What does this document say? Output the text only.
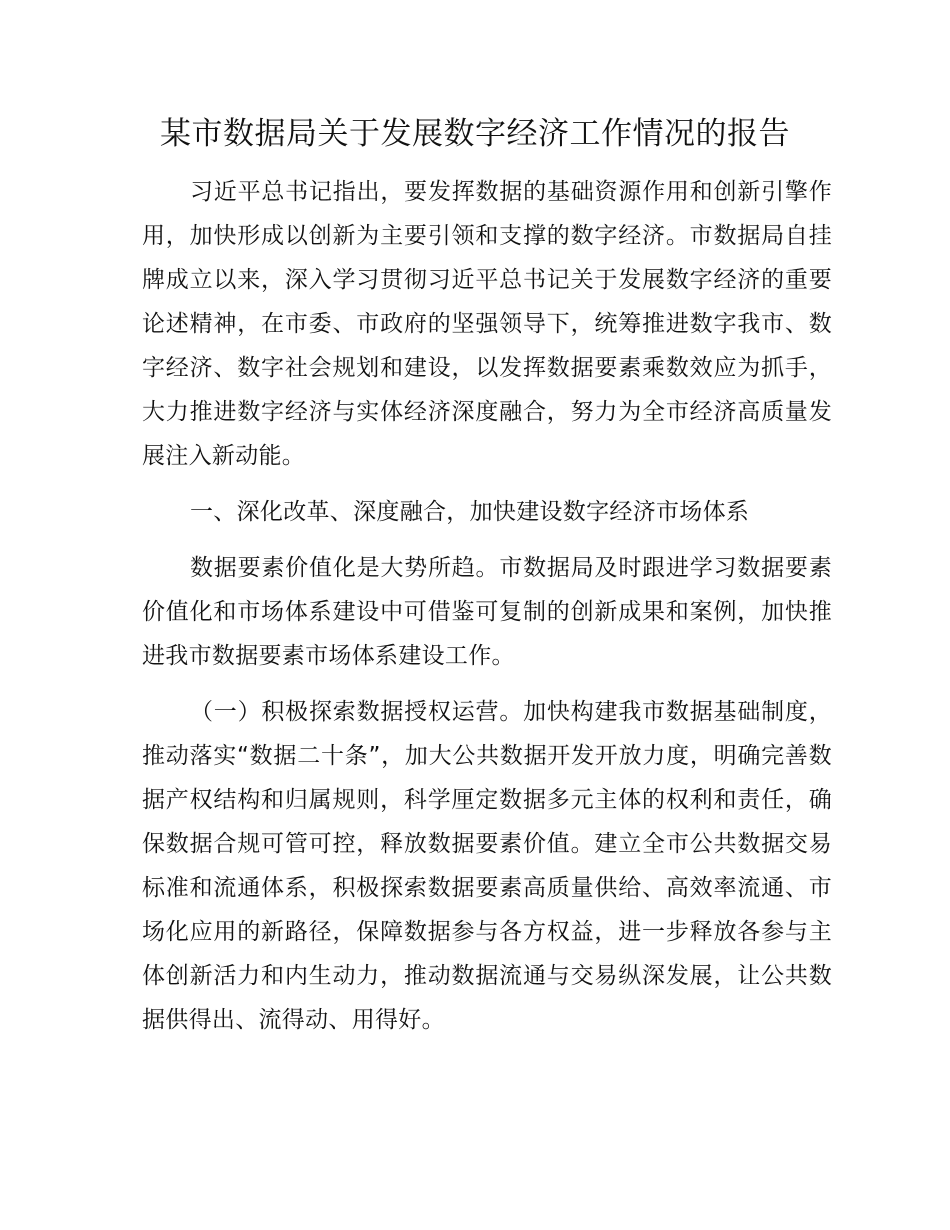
某市数据局关于发展数字经济工作情况的报告

习近平总书记指出，要发挥数据的基础资源作用和创新引擎作用，加快形成以创新为主要引领和支撑的数字经济。市数据局自挂牌成立以来，深入学习贯彻习近平总书记关于发展数字经济的重要论述精神，在市委、市政府的坚强领导下，统筹推进数字我市、数字经济、数字社会规划和建设，以发挥数据要素乘数效应为抓手，大力推进数字经济与实体经济深度融合，努力为全市经济高质量发展注入新动能。

一、深化改革、深度融合，加快建设数字经济市场体系

数据要素价值化是大势所趋。市数据局及时跟进学习数据要素价值化和市场体系建设中可借鉴可复制的创新成果和案例，加快推进我市数据要素市场体系建设工作。

（一）积极探索数据授权运营。加快构建我市数据基础制度，推动落实“数据二十条”，加大公共数据开发开放力度，明确完善数据产权结构和归属规则，科学厘定数据多元主体的权利和责任，确保数据合规可管可控，释放数据要素价值。建立全市公共数据交易标准和流通体系，积极探索数据要素高质量供给、高效率流通、市场化应用的新路径，保障数据参与各方权益，进一步释放各参与主体创新活力和内生动力，推动数据流通与交易纵深发展，让公共数据供得出、流得动、用得好。
